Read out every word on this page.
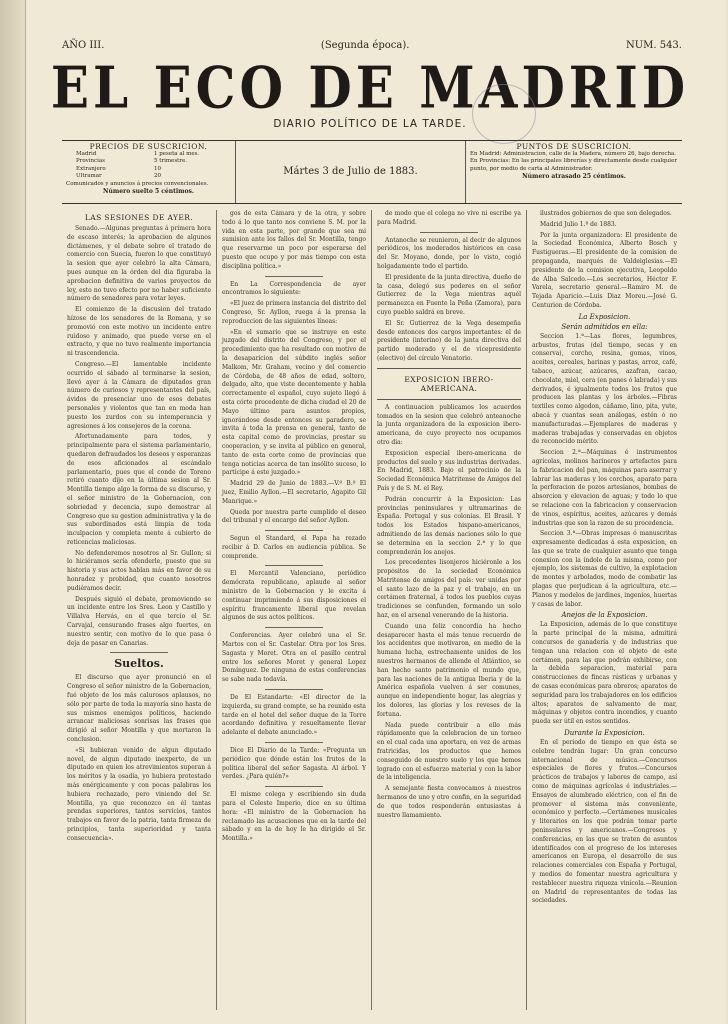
AÑO III.	(Segunda época).	NUM. 543.
EL ECO DE MADRID
DIARIO POLÍTICO DE LA TARDE.
PRECIOS DE SUSCRICION.
Madrid	1 peseta al mes.
Provincias	5 trimestre.
Extranjero	10
Ultramar	20
Comunicados y anuncios á precios convencionales.
Número suelto 5 céntimos.
Mártes 3 de Julio de 1883.
PUNTOS DE SUSCRICION.
En Madrid: Administracion, calle de la Madera, número 26, bajo derecha.
En Provincias: En las principales librerías y directamente desde cualquier punto, por medio de carta al Administrador.
Número atrasado 25 céntimos.
LAS SESIONES DE AYER.

Senado.—Algunas preguntas á primera hora de escaso interés; la aprobacion de algunos dictámenes, y el debate sobre el tratado de comercio con Suecia, fueron lo que constituyó la sesion que ayer celebró la alta Cámara, pues aunque en la órden del dia figuraba la aprobacion definitiva de varios proyectos de ley, esto no tuvo efecto por no haber suficiente número de senadores para votar leyes.

El comienzo de la discusion del tratado hízose de los senadores de la Romana, y se promovió con este motivo un incidente entre ruidoso y animado, que puede verse en el extracto, y que no tuvo realmente importancia ni trascendencia.

Congreso.—El lamentable incidente ocurrido el sábado al terminarse la sesion, llevó ayer á la Cámara de diputados gran número de curiosos y representantes del país, ávidos de presenciar uno de esos debates personales y violentos que tan en moda han puesto los zurdos con su intemperancia y agresiones á los consejeros de la corona.

Afortunadamente para todos, y principalmente para el sistema parlamentario, quedaron defraudados los deseos y esperanzas de esos aficionados al escándalo parlamentario, pues que el conde de Toreno retiró cuanto dijo en la última sesion al Sr. Montilla tiempo algo la forma de su discurso, y el señor ministro de la Gobernacion, con sobriedad y decencia, supo demostrar al Congreso que su gestion administrativa y la de sus subordinados está limpia de toda inculpacion y completa mente á cubierto de reticencias maliciosas.

No defenderemos nosotros al Sr. Gullon; si lo hiciéramos sería ofenderle, puesto que su historia y sus actos hablan más en favor de su honradez y probidad, que cuanto nosotros pudiéramos decir.

Después siguió el debate, promoviendo se un incidente entre los Sres. Leon y Castillo y Villalva Hervás, en el que tercio el Sr. Carvajal, censurando frases algo fuertes, en nuestro sentir, con motivo de lo que pasa ó deja de pasar en Canarias.

Sueltos.

El discurso que ayer pronunció en el Congreso el señor ministro de la Gobernacion, fué objeto de los más calurosos aplausos, no sólo por parte de toda la mayoría sino hasta de sus mismos enemigos políticos, haciendo arrancar maliciosas sonrisas las frases que dirigió al señor Montilla y que mortaron la conclusion.

«Si hubieran venido de algun diputado novel, de algun diputado inexperto, de un diputado en quien los atrevimientos superan á los méritos y la osadía, yo hubiera protestado más enérgicamente y con pocas palabras los hubiera rechazado, pero viniendo del Sr. Montilla, ya que reconozco en él tantas prendas superiores, tantos servicios, tantos trabajos en favor de la patria, tanta firmeza de principios, tanta superioridad y tanta consecuencia».

gos de esta Cámara y de la otra, y sobre todo á lo que tanto nos conviene S. M. por la vida en esta parte, por grande que sea mi sumision ante los fallos del Sr. Montilla, tengo que reservarme un poco por esperarse del puesto que ocupo y por más tiempo con esta disciplina política.»

En La Correspondencia de ayer encontramos lo siguiente:

«El juez de primera instancia del distrito del Congreso, Sr. Ayllon, ruega á la prensa la reproduccion de las siguientes líneas:

«En el sumario que se instruye en este juzgado del distrito del Congreso, y por el procedimiento que ha resultado con motivo de la desaparicion del súbdito inglés señor Malkom, Mr. Graham, vecino y del comercio de Córdoba, de 48 años de edad, soltero, delgado, alto, que viste decentemente y habla correctamente el español, cuyo sujeto llegó á esta córte procedente de dicha ciudad el 20 de Mayo último para asuntos propios, ignorándose desde entonces su paradero, se invita á toda la prensa en general, tanto de esta capital como de provincias, prestar su cooperacion, y se invita al público en general, tanto de esta corte como de provincias que tenga noticias acerca de tan insólito suceso, lo participe á este juzgado.»

Madrid 29 de Junio de 1883.—V.º B.º El juez, Emilio Ayllon.—El secretario, Agapito Gil Manrique.»

Queda por nuestra parte cumplido el deseo del tribunal y el encargo del señor Ayllon.

Segun el Standard, el Papa ha rezado recibir á D. Carlos en audiencia pública. Se comprende.

El Mercantil Valenciano, periódico demócrata republicano, aplaude al señor ministro de la Gobernacion y le excita á continuar imprimiendo á sus disposiciones el espíritu francamente liberal que revelan algunos de sus actos políticos.

Conferencias. Ayer celebró una el Sr. Martos con el Sr. Castelar. Otra por los Sres. Sagasta y Moret. Otra en el pasillo central entre los señores Moret y general Lopez Domínguez. De ninguna de estas conferencias se sabe nada todavía.

De El Estandarte: «El director de la izquierda, su grand compte, se ha reunido esta tarde en el hotel del señor duque de la Torre acordando definitiva y resueltamente llevar adelante el debate anunciado.»

Dice El Diario de la Tarde: «Pregunta un periódico que dónde están los frutos de la política liberal del señor Sagasta. Al árbol. Y verdes. ¿Para quién?»

El mismo colega y escribiendo sin duda para el Celeste Imperio, dice en su última hora: «El ministro de la Gobernacion ha reclamado las acusaciones que en la tarde del sábado y en la de hoy le ha dirigido el Sr. Montilla.»

de modo que el colega no vive ni escribe ya para Madrid.

Antanoche se reunieron, al decir de algunos periódicos, los moderados históricos en casa del Sr. Moyano, donde, por lo visto, cogió holgadamente todo el partido.

El presidente de la junta directiva, dueño de la casa, delegó sus poderes en el señor Gutierrez de la Vega mientras aquél permanezca en Fuente la Peña (Zamora), para cuyo pueblo saldrá en breve.

El Sr. Gutierrez de la Vega desempeña desde entonces dos cargos importantes: el de presidente (interino) de la junta directiva del partido moderado y el de vicepresidente (electivo) del círculo Venatorio.

EXPOSICION IBERO-AMERICANA.

A continuacion publicamos los acuerdos tomados en la sesion que celebró anteanoche la junta organizadora de la exposicion ibero-americana, de cuyo proyecto nos ocupamos otro dia:

Exposicion especial ibero-americana de productos del suelo y sus industrias derivadas. En Madrid, 1883. Bajo el patrocinio de la Sociedad Económica Matritense de Amigos del País y de S. M. el Rey.

Podrán concurrir á la Exposicion: Las provincias peninsulares y ultramarinas de España. Portugal y sus colonias. El Brasil. Y todos los Estados hispano-americanos, admitiendo de las demás naciones sólo lo que se determina en la seccion 2.ª y lo que comprenderán los anejos.

Los precedentes lisonjeros hiciéronle a los propósitos de la sociedad Económica Matritense de amigos del país: ver unidas por el santo lazo de la paz y el trabajo, en un certámen fraternal, á todos los pueblos cuyas tradiciones se confunden, formando un solo haz, en el arsenal venerando de la historia.

Cuando una feliz concordia ha hecho desaparecer hasta el más tenue recuerdo de los accidentes que motivaron, en medio de la humana lucha, estrechamente unidos de los nuestros hermanos de allende el Atlántico, se han hecho santo patrimonio el mundo que, para las naciones de la antigua Iberia y de la América española vuelven á ser comunes, aunque en independiente hogar, las alegrías y los dolores, las glorias y los reveses de la fortuna.

Nada puede contribuir a ello más rápidamente que la celebracion de un torneo en el cual cada una aportara, en vez de armas fratricidas, los productos que hemos conseguido de nuestro suelo y los que hemos logrado con el esfuerzo material y con la labor de la inteligencia.

A semejante fiesta convocamos á nuestros hermanos de uno y otro confin, en la seguridad de que todos responderán entusiastas á nuestro llamamiento.

ilustrados gobiernos de que son delegados.

Madrid Julio 1.º de 1883.

Por la junta organizadora: El presidente de la Sociedad Económica, Alberto Bosch y Fustigueras.—El presidente de la comision de propaganda, marqués de Valdeiglesias.—El presidente de la comision ejecutiva, Leopoldo de Alba Salcedo.—Los secretarios, Héctor F. Varela, secretario general.—Ramiro M. de Tejada Aparicio.—Luis Diaz Moreu.—José G. Centurion de Córdoba.

La Exposicion.
Serán admitidos en ella:

Seccion 1.ª—Las flores, legumbres, arbustos, frutas (del tiempo, secas y en conserva), corcho, resina, gomas, vinos, aceites, cereales, harinas y pastas, arroz, café, tabaco, azúcar, azúcares, azafran, cacao, chocolate, miel, cera (en panes ó labrada) y sus derivados, é igualmente todos los frutos que producen las plantas y los árboles.—Fibras textiles como algodon, cáñamo, lino, pita, yute, abacá y cuantas sean análogas, estén ó no manufacturadas.—Ejemplares de maderas y maderas trabajadas y conservadas en objetos de reconocido mérito.

Seccion 2.ª—Máquinas é instrumentos agrícolas, molinos harineros y artefactos para la fabricacion del pan, máquinas para aserrar y labrar las maderas y los corchos, aparato para la perforacion de pozos artesianos, bombas de absorcion y elevacion de aguas; y todo lo que se relacione con la fabricacion y conservacion de vinos, espíritus, aceites, azúcares y demás industrias que son la razon de su procedencia.

Seccion 3.ª—Obras impresas ó manuscritas expresamente dedicadas á esta exposicion, en las que se trate de cualquier asunto que tenga conexion con la índole de la misma, como por ejemplo, los sistemas de cultivo, la explotacion de montes y arbolados, modo de combatir las plagas que perjudican á la agricultura, etc.—Planos y modelos de jardines, ingenios, huertas y casas de labor.

Anejos de la Exposicion.

La Exposicion, además de lo que constituye la parte principal de la misma, admitirá concursos de ganadería y de industrias que tengan una relacion con el objeto de este certámen, para las que podrán exhibirse, con la debida separacion, material para construcciones de fincas rústicas y urbanas y de casas económicas para obreros; aparatos de seguridad para los trabajadores en los edificios altos; aparatos de salvamento de mar, máquinas y objetos contra incendios, y cuanto pueda ser útil en estos sentidos.

Durante la Exposicion.

En el periodo de tiempo en que ésta se celebre tendrán lugar: Un gran concurso internacional de música.—Concursos especiales de flores y frutos.—Concursos prácticos de trabajos y labores de campo, así como de máquinas agrícolas é industriales.—Ensayos de alumbrado eléctrico, con el fin de promover el sistema más conveniente, económico y perfecto.—Certámenes musicales y literarios en los que podrán tomar parte peninsulares y americanos.—Congresos y conferencias, en las que se traten de asuntos identificados con el progreso de los intereses americanos en Europa, el desarrollo de sus relaciones comerciales con España y Portugal, y medios de fomentar nuestra agricultura y restablecer nuestra riqueza vinícola.—Reunion en Madrid de representantes de todas las sociedades.
